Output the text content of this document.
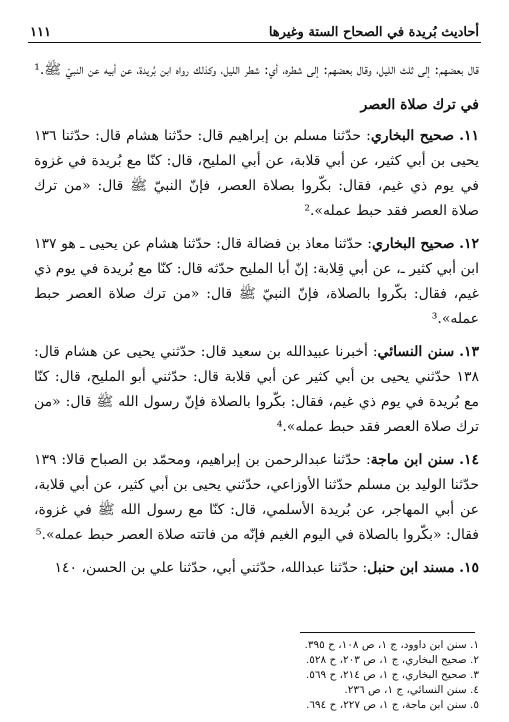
أحاديث بُريدة في الصحاح الستة وغيرها
١١١

قال بعضهم: إلى ثلث الليل، وقال بعضهم: إلى شطره، أي: شطر الليل، وكذلك رواه ابن بُريدة، عن أبيه عن النبيّ ﷺ.¹

في ترك صلاة العصر

١١. صحيح البخاري: حدّثنا مسلم بن إبراهيم قال: حدّثنا هشام قال: حدّثنا ١٣٦ يحيى بن أبي كثير، عن أبي قلابة، عن أبي المليح، قال: كنّا مع بُريدة في غزوة في يوم ذي غيم، فقال: بكّروا بصلاة العصر، فإنّ النبيّ ﷺ قال: «من ترك صلاة العصر فقد حبط عمله».²

١٢. صحيح البخاري: حدّثنا معاذ بن فضالة قال: حدّثنا هشام عن يحيى ـ هو ١٣٧ ابن أبي كثير ـ، عن أبي قِلابة: إنّ أبا المليح حدّثه قال: كنّا مع بُريدة في يوم ذي غيم، فقال: بكّروا بالصلاة، فإنّ النبيّ ﷺ قال: «من ترك صلاة العصر حبط عمله».³

١٣. سنن النسائي: أخبرنا عبيدالله بن سعيد قال: حدّثني يحيى عن هشام قال: ١٣٨ حدّثني يحيى بن أبي كثير عن أبي قلابة قال: حدّثني أبو المليح، قال: كنّا مع بُريدة في يوم ذي غيم، فقال: بكّروا بالصلاة فإنّ رسول الله ﷺ قال: «من ترك صلاة العصر فقد حبط عمله».⁴

١٤. سنن ابن ماجة: حدّثنا عبدالرحمن بن إبراهيم، ومحمّد بن الصباح قالا: ١٣٩ حدّثنا الوليد بن مسلم حدّثنا الأوزاعي، حدّثني يحيى بن أبي كثير، عن أبي قلابة، عن أبي المهاجر، عن بُريدة الأسلمي، قال: كنّا مع رسول الله ﷺ في غزوة، فقال: «بكّروا بالصلاة في اليوم الغيم فإنّه من فاتته صلاة العصر حبط عمله».⁵

١٥. مسند ابن حنبل: حدّثنا عبدالله، حدّثني أبي، حدّثنا علي بن الحسن، ١٤٠

١. سنن ابن داوود، ج ١، ص ١٠٨، ح ٣٩٥.
٢. صحيح البخاري، ج ١، ص ٢٠٣، ح ٥٢٨.
٣. صحيح البخاري، ج ١، ص ٢١٤، ح ٥٦٩.
٤. سنن النسائي، ج ١، ص ٢٣٦.
٥. سنن ابن ماجة، ج ١، ص ٢٢٧، ح ٦٩٤.
